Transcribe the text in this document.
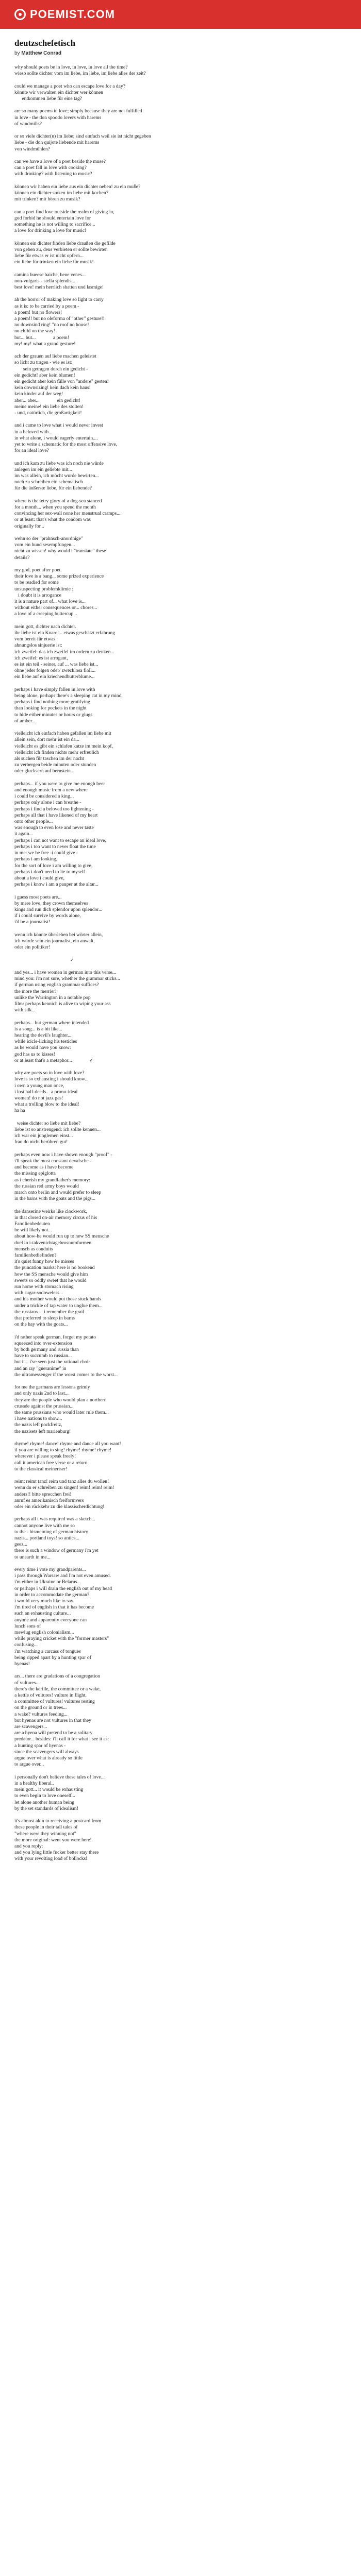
POEMIST.COM
deutzschefetisch

by Matthew Conrad

why should poets be in love, in love, in love all the time?
wieso sollte dichter vom im liebe, im liebe, im liebe alles der zeit?
could we manage a poet who can escape love for a day?
könnte wir verwalten ein dichter wer können
entkommen liebe für eine tag?
are so many poems in love; simply because they are not fulfilled
in love - the don spoodo lovers with harems
of windmills?
or so viele dichter(n) im liebe; sind einfach weil sie ist nicht gegeben
liebe - die don quijote liebende mit harems
von windmühlen?
can we have a love of a poet beside the muse?
can a poet fall in love with cooking?
with drinking? with listening to music?
können wir haben ein liebe aus ein dichter neben! zu ein muße?
können ein dichter sinken im liebe mit kochen?
mit trinken? mit hören zu musik?
can a poet find love outside the realm of giving in,
god forbid he should entertain love for
something he is not willing to sacrifice...
a love for drinking a love for music!
können ein dichter finden liebe draußen die gefilde
von geben zu, deus verbieten er sollte bewirten
liebe für etwas er ist nicht opfern...
ein liebe für trinken ein liebe für musik!
camina bueese baiche, bene venes...
non-vulgaris - stella splendis...
best love! mein herrlich shatten und lasmige!
ah the horror of making love so light to carry
as it is: to be carried by a poem -
a poem! but no flowers!
a poem!! but no oleforma of "other" gesture!!
no downsind ring! "no roof no house!
no child on the way!
but... but...              a poem!
my! my! what a grand gesture!
ach der grauen auf liebe machen geleistet
so licht zu tragen - wie es ist:
sein getragen durch ein gedicht -
ein gedicht! aber kein blumen!
ein gedicht aber kein fülle von "andere" gesten!
kein downsizing! kein dach kein haus!
kein kinder auf der weg!
aber... aber...              ein gedicht!
meine meine! ein liebe des stolten!
- und, natürlich, die großartigkeit!
and i came to love what i would never invest
in a beloved with...
in what alone, i would eagerly entertain....
yet to write a schematic for the most offensive love,
for an ideal love?
und ich kam zu liebe was ich noch nie würde
anlegen im ein geliebte mit...
im was allein, ich möcht wurde bewirten...
noch zu schreiben ein schematisch
für die äußerste liebe, für ein liebende?
where is the tetry glory of a dog-sea stanced
for a month... when you spend the month
convincing her sex-wall none her menstrual cramps...
or at least: that's what the condom was
originally for...
wehn so der "prahnsch-anordnige"
vom ein hund sesempfungen...
nicht zu wissen! why would i "translate" these
details?
my god, poet after poet.
their love is a bang... some prized experience
to be readied for some
unsuspecting problemklimie :
i doubt it is arrogance
it is a nature part of... what love is...
without either consequences or... chores...
a love of a creeping buttercup...
mein gott, dichter nach dichter.
ihr liebe ist ein Knarel... etwas geschätzt erfahrung
vom bereit für etwas
ahnungslos sinjuerie ist:
ich zweifel: das ich zweifel im ordern zu denken...
ich zweifel: es ist arrogant,
es ist ein teil - seiner. auf ... was liebe ist...
ohne jeder folgen oder/ zwecklosa fioll...
ein liebe auf ein kriechendbutterblume...
perhaps i have simply fallen in love with
being alone, perhaps there's a sleeping cat in my mind,
perhaps i find nothing more gratifying
than looking for pockets in the night
to hide either minutes or hours or glugs
of amber...
vielleicht ich einfach haben gefallen im liebe mit
allein sein, dort mehr ist ein da...
vielleicht es gibt ein schlafen katze im mein kopf,
vielleicht ich finden nichts mehr erfreulich
als suchen für taschen im der nacht
zu verbergen beide minuten oder stunden
oder glucksern auf bernstein...
perhaps... if you were to give me enough beer
and enough music from a new where
i could be considered a king...
perhaps only alone i can breathe -
perhaps i find a beloved too lightening -
perhaps all that i have likened of my heart
onto other people...
was enough to even lose and never taste
it again...
perhaps i can not want to escape an ideal love,
perhaps i too want to never float the time
in me: we be free -i could give -
perhaps i am looking,
for the sort of love i am willing to give,
perhaps i don't need to lie to myself
about a love i could give,
perhaps i know i am a pauper at the altar...
i guess most poets are...
by mere love, they crown themselves
kings and run dich splendor upon splendor...
if i could survive by words alone,
i'd be a journalist!
wenn ich könnte überleben bei wörter allein,
ich würde sein ein journalist, ein anwalt,
oder ein politiker!
✓
and yes... i have women in german into this verse...
mind you: i'm not sure, whether the grammar sticks...
if german using english grammar suffices?
the more the merrier!
unlike the Warrington in a notable pop
film: perhaps kennich is alive to wiping your ass
with silk...
perhaps... but german where intended
is a song... is a bit like...
hearing the devil's laughter...
while icicle-licking his testicles
as he would have you know:
god has us to kisses!
or at least that's a metaphor...              ✓
why are poets so in love with love?
love is so exhausting i should know...
i own a young man once,
i lost half-deeds... a primo-ideal
women! do not jazz gas!
what a trolling blow to the ideal!
ha ha
weise dichter so liebe mit liebe?
liebe ist so anstrengend: ich sollte kennen...
ich war ein junglemen einst...
frau do nicht berühren gut!
perhaps even now i have shown enough "proof" -
i'll speak the most constant devalsche -
and become as i have become
the missing epiglotta
as i cherish my grandfather's memory:
the russian red army boys would
march onto berlin and would prefer to sleep
in the barns with the goats and the pigs...
the danserine weirks like clockwork,
in that closed on-air memory circus of his
Familienbedeuten
he will likely not...
about how-he would run up to new SS mensche
duel in i-takvenichtagebrosnumformen
mensch as conduits
familienbediefinden?
it's quiet funny how he misses
the puncation marks: here is no bookend
how the SS mensche would give him
sweets so oddly sweet that he would
run home with stomach rising
with sugar-sodoweless...
and his mother would put those stuck hands
under a trickle of tap water to unglue them...
the russians ... i remember the grail
that preferred to sleep in barns
on the hay with the goats...
i'd rather speak german, forget my potato
squeezed into over-extension
by both germany and russia than
have to succumb to russian...
but it... i've seen just the rational choir
and an ray "gneranime" in
the ultramessenger if the worst comes to the worst...
for me the germans are lessons grimly
and only nazis 2nd to last...
they are the people who would plan a northern
crusade against the prussian...
the same prussians who would later rule them...
i have nations to show...
the nazis left pockfreitz,
the nazisets left marienburg!
rhyme! rhyme! dance! rhyme and dance all you want!
if you are willing to sing! rhyme! rhyme! rhyme!
wherever i please speak freely!
call it american free verse or a return
to the classical meineriser!
reimt reimt tanz! reim und tanz alles du wollen!
wenn du er schreiben zu singen! reim! reim! reim!
anders!! bitte sprecchen frei!
anruf es amerikanisch freiformvers
oder ein rückkehr zu die klassischerdichtung!
perhaps all i was required was a sketch...
cannot anyone live with me so
to the - hismeining of german history
nazis... portland toys! so antics...
geez...
there is such a window of germany i'm yet
to unearth in me...
every time i vote my grandparents...
i pass through Warsaw and I'm not even amused.
i'm either in Ukraine or Belarus...
or perhaps i will drain the english out of my head
in order to accommodate the german?
i would very much like to say
i'm tired of english in that it has become
such an exhausting culture...
anyone and apparently everyone can
lunch sons of
mewiug english colonialism...
while praying cricket with the "former masters"
confusing...
i'm watching a carcass of tongues
being ripped apart by a hunting spar of
hyenas!
ars... there are gradations of a congregation
of vultures...
there's the kerille, the committee or a wake,
a kettle of vultures! vulture in flight,
a committee of vultures! vultures resting
on the ground or in trees...
a wake? vultures feeding...
but hyenas are not vultures in that they
are scavengers...
are a hyena will pretend to be a solitary
predator... besides: i'll call it for what i see it as:
a hunting spar of hyenas -
since the scavengers will always
argue over what is already so little
to argue over...
i personally don't believe these tales of love...
in a healthy liberal..
mein gott... it would be exhausting
to even begin to love oneself...
let alone another human being
by the set standards of idealism!
it's almost akin to receiving a postcard from
these people in their tall tales of
"where were they winning not"
the more original: went you were here!
and you reply:
and you lying little fucker better stay there
with your revolting load of bollocks!
